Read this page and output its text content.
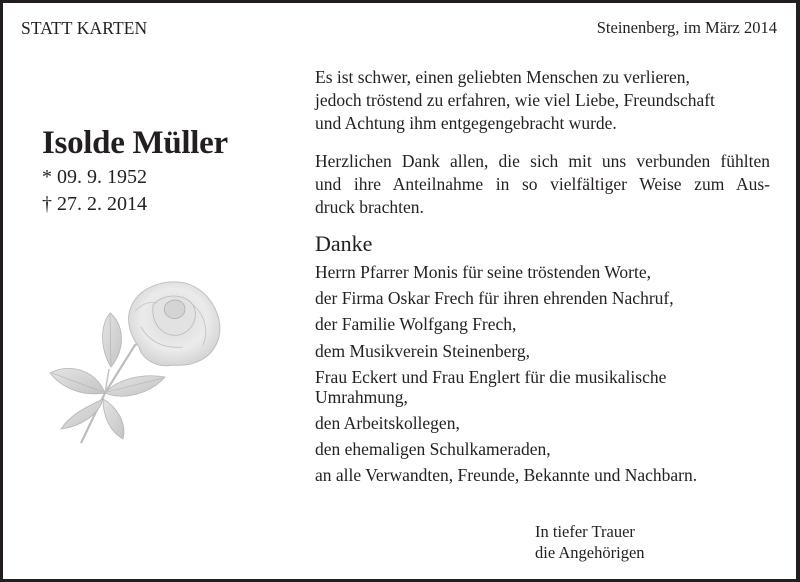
STATT KARTEN	Steinenberg, im März 2014
Isolde Müller
* 09. 9. 1952
† 27. 2. 2014

Es ist schwer, einen geliebten Menschen zu verlieren,

jedoch tröstend zu erfahren, wie viel Liebe, Freundschaft

und Achtung ihm entgegengebracht wurde.

Herzlichen Dank allen, die sich mit uns verbunden fühlten
und ihre Anteilnahme in so vielfältiger Weise zum Aus-
druck brachten.
Danke
Herrn Pfarrer Monis für seine tröstenden Worte,
der Firma Oskar Frech für ihren ehrenden Nachruf,
der Familie Wolfgang Frech,
dem Musikverein Steinenberg,
Frau Eckert und Frau Englert für die musikalische
Umrahmung,
den Arbeitskollegen,
den ehemaligen Schulkameraden,
an alle Verwandten, Freunde, Bekannte und Nachbarn.
In tiefer Trauer
die Angehörigen
